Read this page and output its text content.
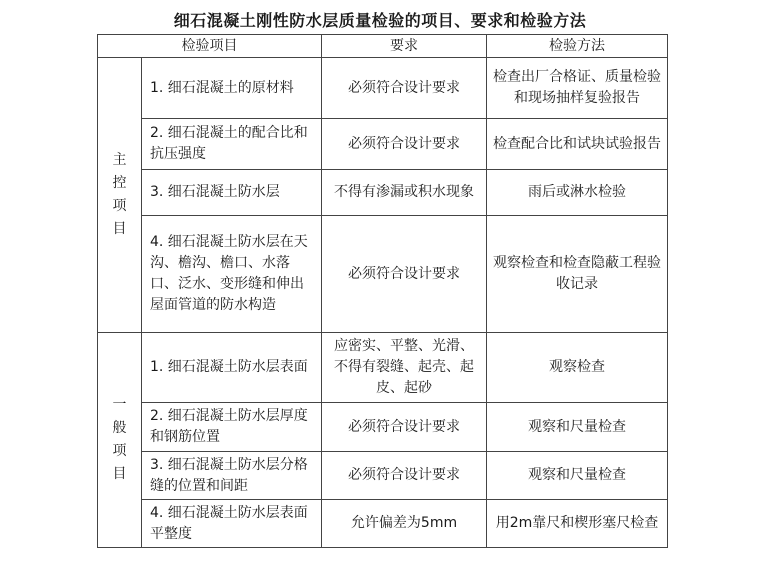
细石混凝土刚性防水层质量检验的项目、要求和检验方法
检验项目		要求	检验方法

主
控
项
目	1. 细石混凝土的原材料	必须符合设计要求	检查出厂合格证、质量检验和现场抽样复验报告
	2. 细石混凝土的配合比和抗压强度	必须符合设计要求	检查配合比和试块试验报告
	3. 细石混凝土防水层	不得有渗漏或积水现象	雨后或淋水检验
	4. 细石混凝土防水层在天沟、檐沟、檐口、水落口、泛水、变形缝和伸出屋面管道的防水构造	必须符合设计要求	观察检查和检查隐蔽工程验收记录

一
般
项
目	1. 细石混凝土防水层表面	应密实、平整、光滑、不得有裂缝、起壳、起皮、起砂	观察检查
	2. 细石混凝土防水层厚度和钢筋位置	必须符合设计要求	观察和尺量检查
	3. 细石混凝土防水层分格缝的位置和间距	必须符合设计要求	观察和尺量检查
	4. 细石混凝土防水层表面平整度	允许偏差为5mm	用2m靠尺和楔形塞尺检查
